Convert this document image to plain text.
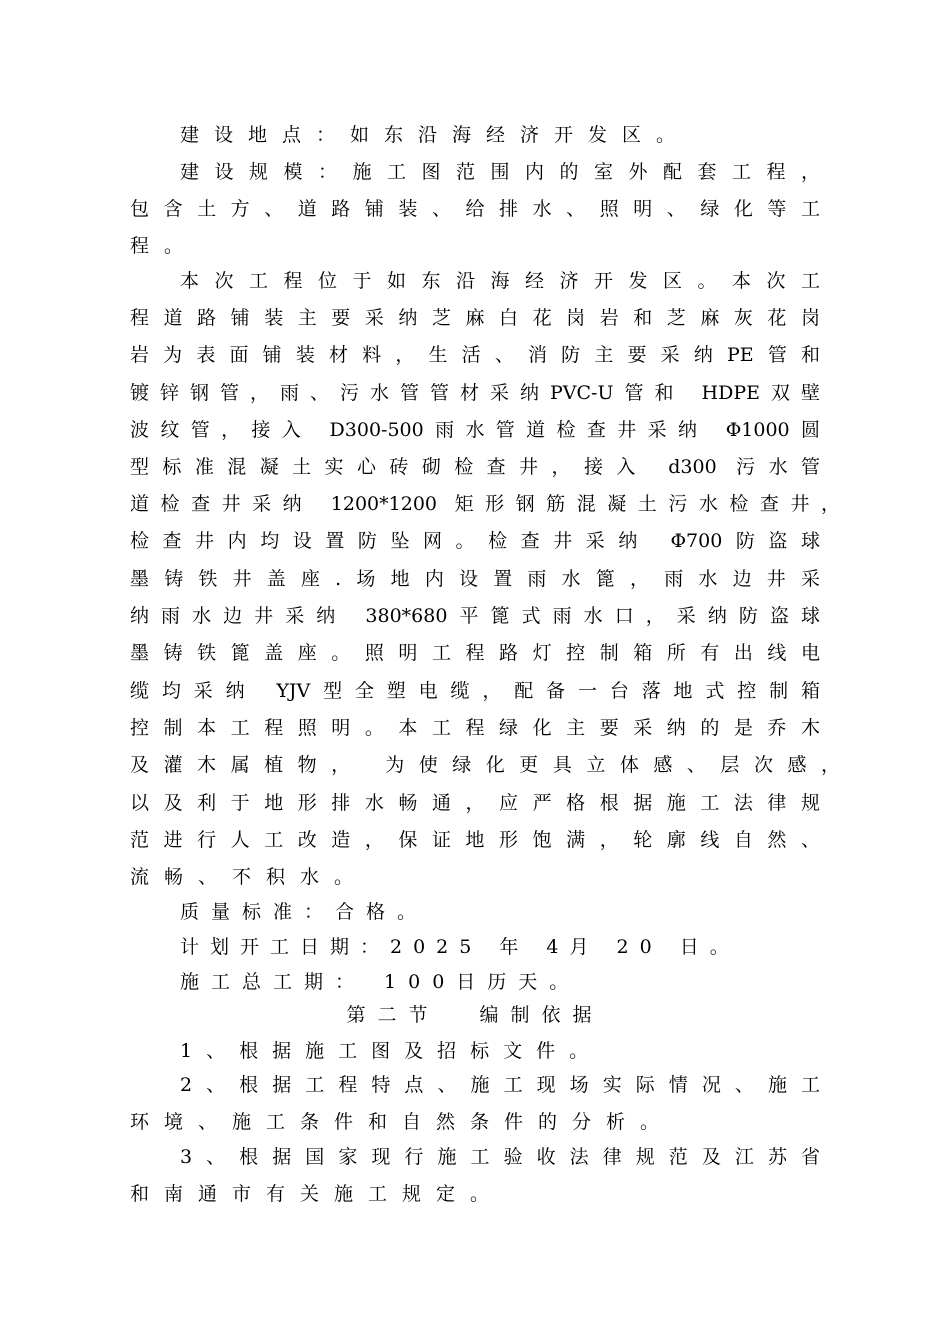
建设地点：如东沿海经济开发区。
建设规模：施工图范围内的室外配套工程，
包含土方、道路铺装、给排水、照明、绿化等工
程。
本次工程位于如东沿海经济开发区。本次工
程道路铺装主要采纳芝麻白花岗岩和芝麻灰花岗
岩为表面铺装材料，生活、消防主要采纳PE管和
镀锌钢管，雨、污水管管材采纳PVC-U管和 HDPE双壁
波纹管，接入 D300-500雨水管道检查井采纳 Φ1000圆
型标准混凝土实心砖砌检查井，接入 d300 污水管
道检查井采纳 1200*1200 矩形钢筋混凝土污水检查井，
检查井内均设置防坠网。检查井采纳 Φ700防盗球
墨铸铁井盖座.场地内设置雨水篦，雨水边井采
纳雨水边井采纳 380*680平篦式雨水口，采纳防盗球
墨铸铁篦盖座。照明工程路灯控制箱所有出线电
缆均采纳 YJV型全塑电缆，配备一台落地式控制箱
控制本工程照明。本工程绿化主要采纳的是乔木
及灌木属植物， 为使绿化更具立体感、层次感，
以及利于地形排水畅通，应严格根据施工法律规
范进行人工改造，保证地形饱满，轮廓线自然、
流畅、不积水。
质量标准：合格。
计划开工日期：2025 年 4月 20 日。
施工总工期： 100日历天。
第二节 编制依据
1、根据施工图及招标文件。
2、根据工程特点、施工现场实际情况、施工
环境、施工条件和自然条件的分析。
3、根据国家现行施工验收法律规范及江苏省
和南通市有关施工规定。
